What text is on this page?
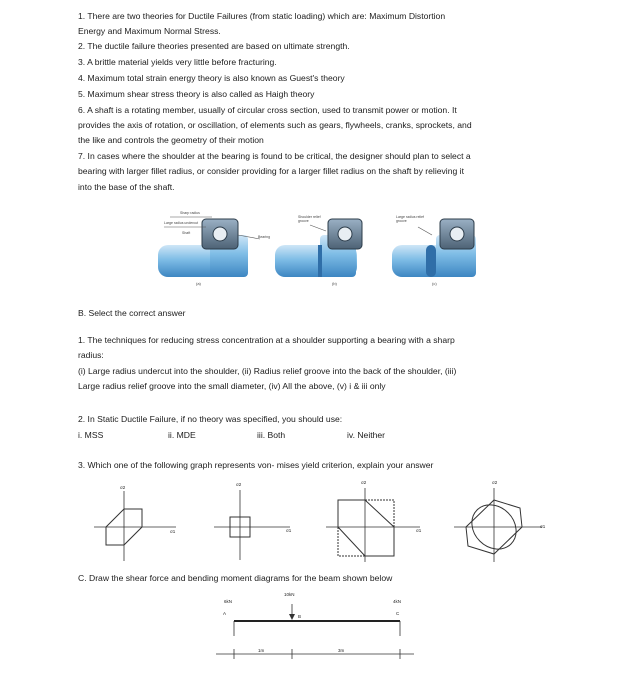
1. There are two theories for Ductile Failures (from static loading) which are: Maximum Distortion
Energy and Maximum Normal Stress.
2. The ductile failure theories presented are based on ultimate strength.
3. A brittle material yields very little before fracturing.
4. Maximum total strain energy theory is also known as Guest's theory
5. Maximum shear stress theory is also called as Haigh theory
6. A shaft is a rotating member, usually of circular cross section, used to transmit power or motion. It
provides the axis of rotation, or oscillation, of elements such as gears, flywheels, cranks, sprockets, and
the like and controls the geometry of their motion
7. In cases where the shoulder at the bearing is found to be critical, the designer should plan to select a
bearing with larger fillet radius, or consider providing for a larger fillet radius on the shaft by relieving it
into the base of the shaft.
Sharp radius
Large radius undercut
Shaft
Bearing
Shoulder relief groove
Large radius relief groove
(a)	(b)	(c)
B. Select the correct answer
1. The techniques for reducing stress concentration at a shoulder supporting a bearing with a sharp
radius:
(i) Large radius undercut into the shoulder, (ii) Radius relief groove into the back of the shoulder, (iii)
Large radius relief groove into the small diameter, (iv) All the above, (v) i & iii only
2. In Static Ductile Failure, if no theory was specified, you should use:
i. MSS	ii. MDE	iii. Both	iv. Neither
3. Which one of the following graph represents von- mises yield criterion, explain your answer
σ2
σ1
σ2
σ1
σ2
σ1
σ2
σ1
C. Draw the shear force and bending moment diagrams for the beam shown below
6kN
10kN
4kN
A
B
C
1m	3m
